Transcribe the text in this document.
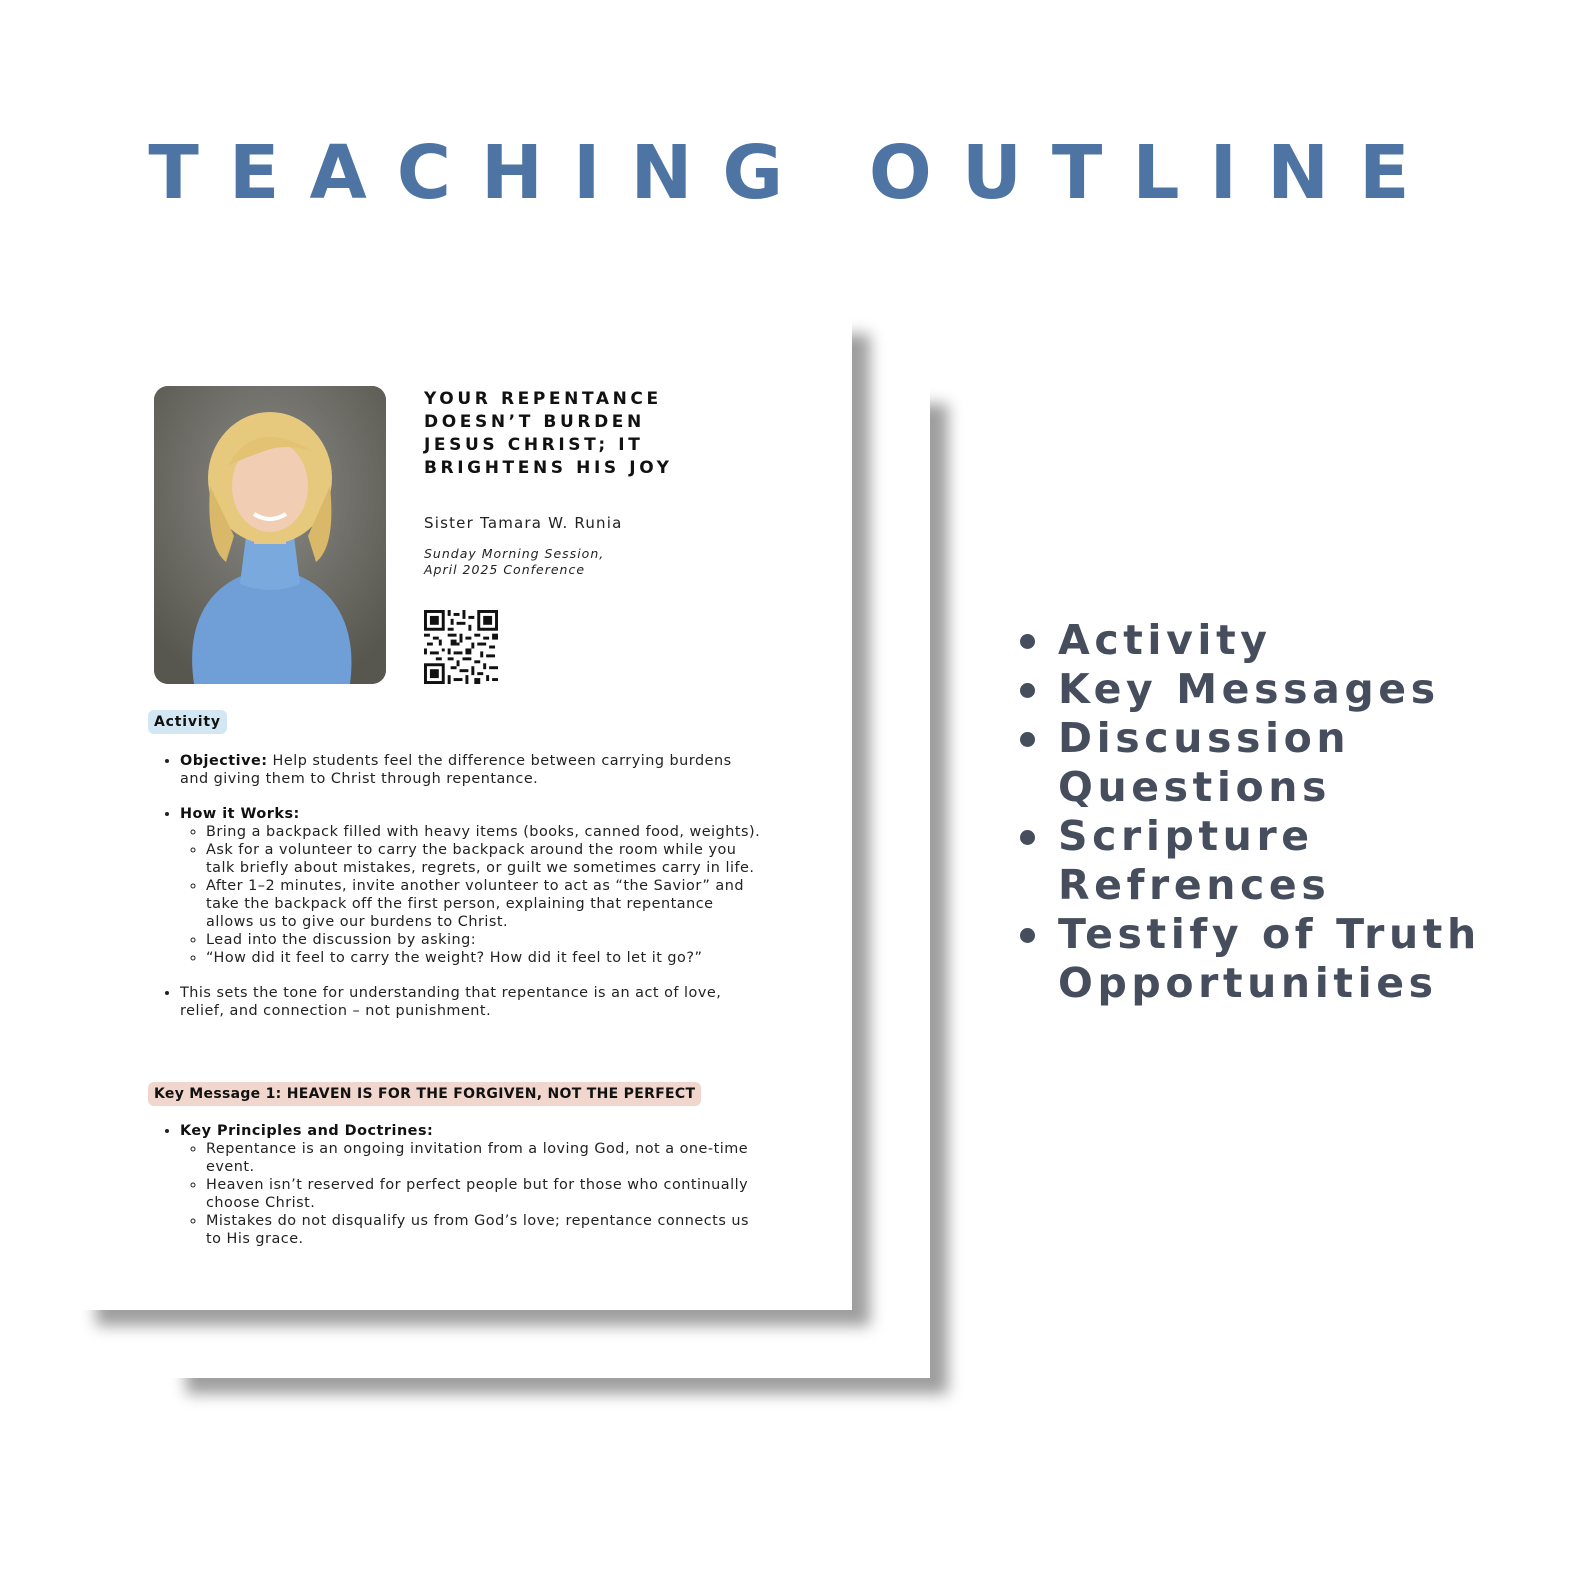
TEACHING OUTLINE

YOUR REPENTANCE DOESN’T BURDEN JESUS CHRIST; IT BRIGHTENS HIS JOY

Sister Tamara W. Runia

Sunday Morning Session,
April 2025 Conference

Activity
• Objective: Help students feel the difference between carrying burdens and giving them to Christ through repentance.
• How it Works:
◦ Bring a backpack filled with heavy items (books, canned food, weights).
◦ Ask for a volunteer to carry the backpack around the room while you talk briefly about mistakes, regrets, or guilt we sometimes carry in life.
◦ After 1–2 minutes, invite another volunteer to act as “the Savior” and take the backpack off the first person, explaining that repentance allows us to give our burdens to Christ.
◦ Lead into the discussion by asking:
◦ “How did it feel to carry the weight? How did it feel to let it go?”
• This sets the tone for understanding that repentance is an act of love, relief, and connection – not punishment.
Key Message 1: HEAVEN IS FOR THE FORGIVEN, NOT THE PERFECT
• Key Principles and Doctrines:
◦ Repentance is an ongoing invitation from a loving God, not a one-time event.
◦ Heaven isn’t reserved for perfect people but for those who continually choose Christ.
◦ Mistakes do not disqualify us from God’s love; repentance connects us to His grace.
Activity
Key Messages
Discussion Questions
Scripture Refrences
Testify of Truth Opportunities
